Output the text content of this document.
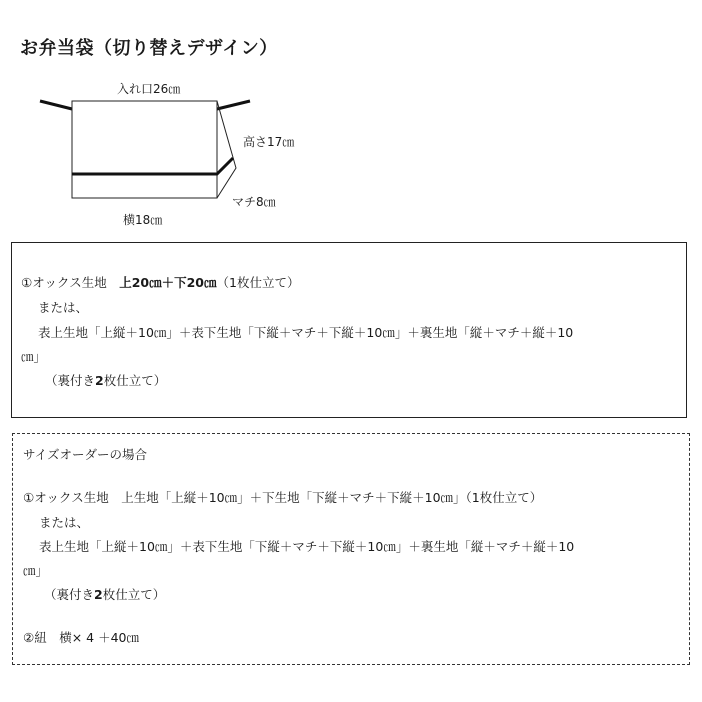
お弁当袋（切り替えデザイン）
入れ口26㎝
高さ17㎝
マチ8㎝
横18㎝
①オックス生地　上20㎝＋下20㎝（1枚仕立て）
または、
表上生地「上縦＋10㎝」＋表下生地「下縦＋マチ＋下縦＋10㎝」＋裏生地「縦＋マチ＋縦＋10
㎝」
（裏付き2枚仕立て）
サイズオーダーの場合
①オックス生地　上生地「上縦＋10㎝」＋下生地「下縦＋マチ＋下縦＋10㎝」（1枚仕立て）
または、
表上生地「上縦＋10㎝」＋表下生地「下縦＋マチ＋下縦＋10㎝」＋裏生地「縦＋マチ＋縦＋10
㎝」
（裏付き2枚仕立て）
②紐　横× 4 ＋40㎝
